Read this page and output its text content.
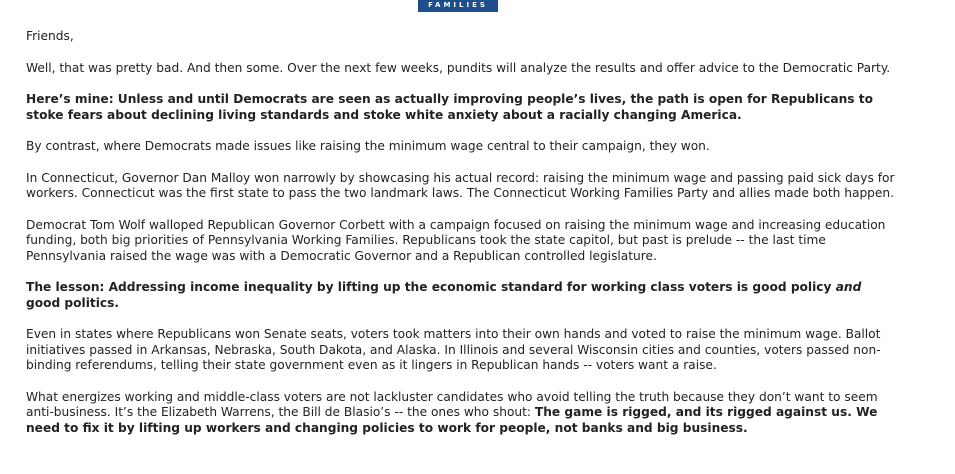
FAMILIES

Friends,

Well, that was pretty bad. And then some. Over the next few weeks, pundits will analyze the results and offer advice to the Democratic Party.

Here’s mine: Unless and until Democrats are seen as actually improving people’s lives, the path is open for Republicans to stoke fears about declining living standards and stoke white anxiety about a racially changing America.

By contrast, where Democrats made issues like raising the minimum wage central to their campaign, they won.

In Connecticut, Governor Dan Malloy won narrowly by showcasing his actual record: raising the minimum wage and passing paid sick days for workers. Connecticut was the first state to pass the two landmark laws. The Connecticut Working Families Party and allies made both happen.

Democrat Tom Wolf walloped Republican Governor Corbett with a campaign focused on raising the minimum wage and increasing education funding, both big priorities of Pennsylvania Working Families. Republicans took the state capitol, but past is prelude -- the last time Pennsylvania raised the wage was with a Democratic Governor and a Republican controlled legislature.

The lesson: Addressing income inequality by lifting up the economic standard for working class voters is good policy and good politics.

Even in states where Republicans won Senate seats, voters took matters into their own hands and voted to raise the minimum wage. Ballot initiatives passed in Arkansas, Nebraska, South Dakota, and Alaska. In Illinois and several Wisconsin cities and counties, voters passed non-binding referendums, telling their state government even as it lingers in Republican hands -- voters want a raise.

What energizes working and middle-class voters are not lackluster candidates who avoid telling the truth because they don’t want to seem anti-business. It’s the Elizabeth Warrens, the Bill de Blasio’s -- the ones who shout: The game is rigged, and its rigged against us. We need to fix it by lifting up workers and changing policies to work for people, not banks and big business.
